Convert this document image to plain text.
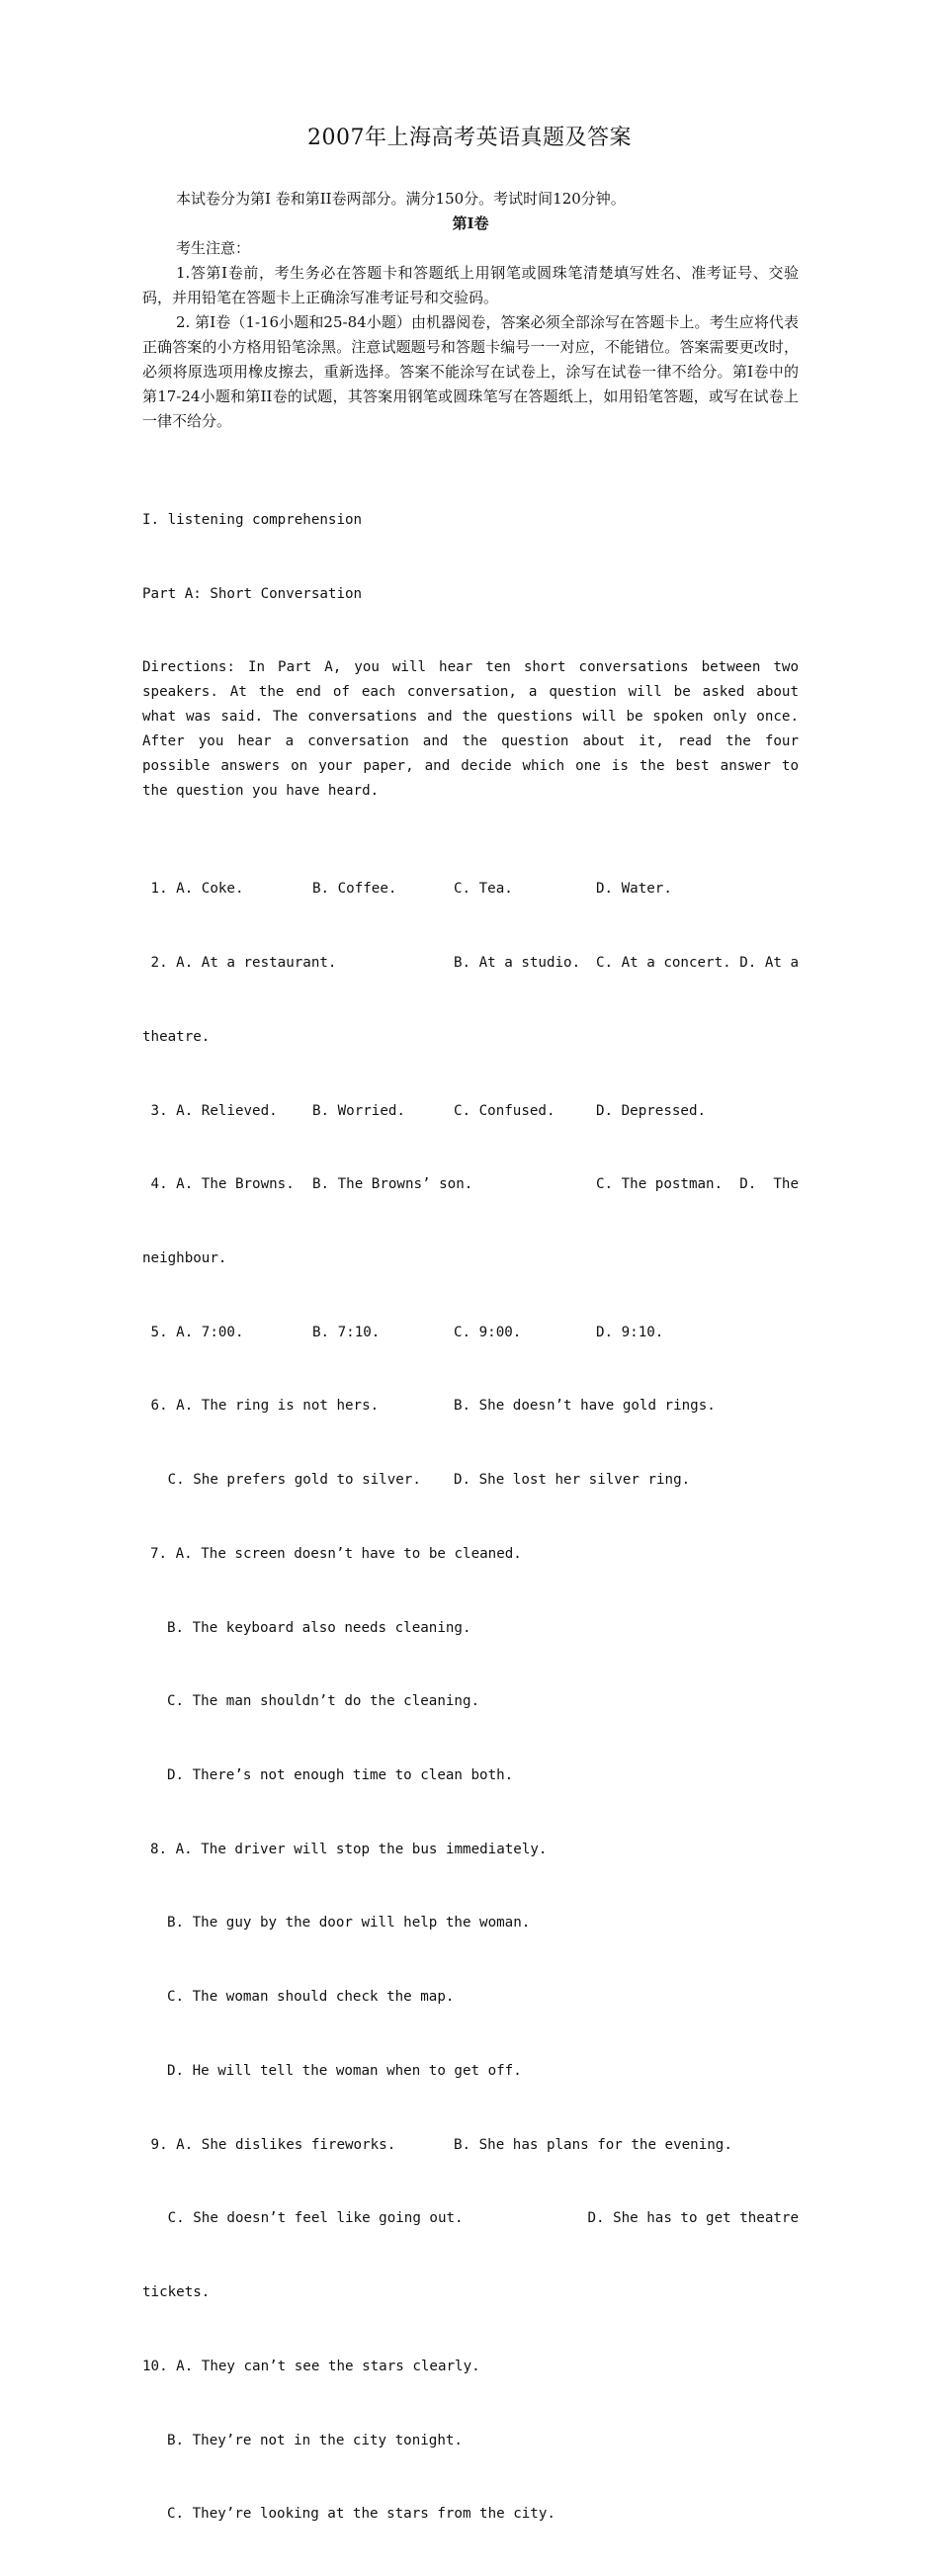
2007年上海高考英语真题及答案
本试卷分为第Ⅰ 卷和第II卷两部分。满分150分。考试时间120分钟。
第Ⅰ卷
考生注意：
1.答第Ⅰ卷前，考生务必在答题卡和答题纸上用钢笔或圆珠笔清楚填写姓名、准考证号、交验码，并用铅笔在答题卡上正确涂写准考证号和交验码。
2. 第Ⅰ卷（1-16小题和25-84小题）由机器阅卷，答案必须全部涂写在答题卡上。考生应将代表正确答案的小方格用铅笔涂黑。注意试题题号和答题卡编号一一对应，不能错位。答案需要更改时，必须将原选项用橡皮擦去，重新选择。答案不能涂写在试卷上，涂写在试卷一律不给分。第Ⅰ卷中的第17-24小题和第II卷的试题，其答案用钢笔或圆珠笔写在答题纸上，如用铅笔答题，或写在试卷上一律不给分。

I. listening comprehension

Part A: Short Conversation

Directions: In Part A, you will hear ten short conversations between two speakers. At the end of each conversation, a question will be asked about what was said. The conversations and the questions will be spoken only once. After you hear a conversation and the question about it, read the four possible answers on your paper, and decide which one is the best answer to the question you have heard.

1. A. Coke.	B. Coffee.	C. Tea.	D. Water.

2. A. At a restaurant.	B. At a studio.	C. At a concert. D. At a

theatre.

3. A. Relieved.	B. Worried.	C. Confused.	D. Depressed.

4. A. The Browns.	B. The Browns’ son.	C. The postman.	D.  The

neighbour.

5. A. 7:00.	B. 7:10.	C. 9:00.	D. 9:10.

6. A. The ring is not hers.	B. She doesn’t have gold rings.

C. She prefers gold to silver.	D. She lost her silver ring.

7. A. The screen doesn’t have to be cleaned.

B. The keyboard also needs cleaning.

C. The man shouldn’t do the cleaning.

D. There’s not enough time to clean both.

8. A. The driver will stop the bus immediately.

B. The guy by the door will help the woman.

C. The woman should check the map.

D. He will tell the woman when to get off.

9. A. She dislikes fireworks.	B. She has plans for the evening.

C. She doesn’t feel like going out.	D. She has to get theatre

tickets.

10. A. They can’t see the stars clearly.

B. They’re not in the city tonight.

C. They’re looking at the stars from the city.
